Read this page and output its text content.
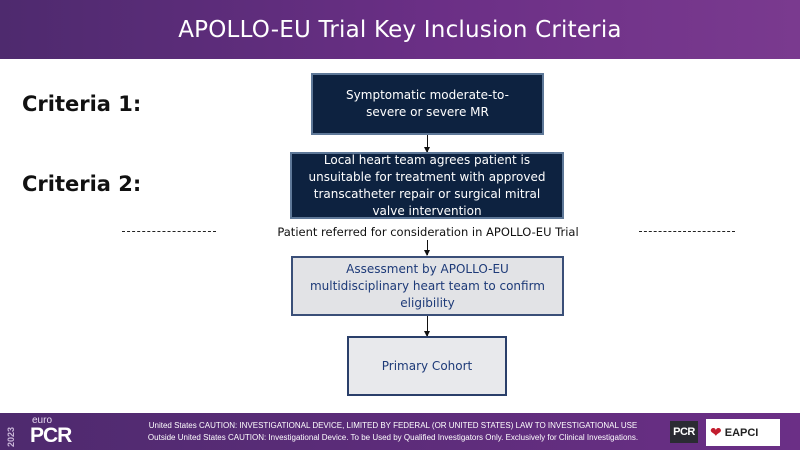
APOLLO-EU Trial Key Inclusion Criteria
Criteria 1:
Criteria 2:
Symptomatic moderate-to-severe or severe MR
Local heart team agrees patient is unsuitable for treatment with approved transcatheter repair or surgical mitral valve intervention
Patient referred for consideration in APOLLO-EU Trial
Assessment by APOLLO-EU multidisciplinary heart team to confirm eligibility
Primary Cohort
2023
euro
PCR	United States CAUTION: INVESTIGATIONAL DEVICE, LIMITED BY FEDERAL (OR UNITED STATES) LAW TO INVESTIGATIONAL USE
Outside United States CAUTION: Investigational Device. To be Used by Qualified Investigators Only. Exclusively for Clinical Investigations.	PCR ❤ EAPCI
